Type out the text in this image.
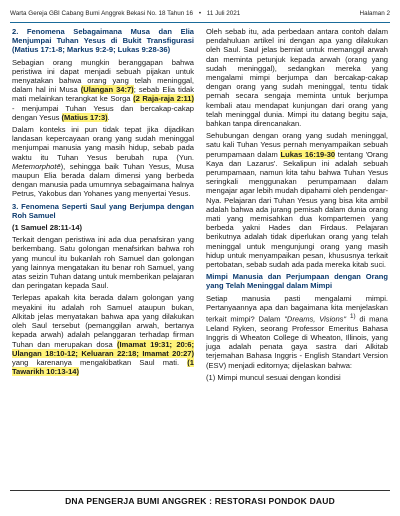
Warta Gereja GBI Cabang Bumi Anggrek Bekasi No. 18 Tahun 16 • 11 Juli 2021	Halaman 2

2. Fenomena Sebagaimana Musa dan Elia Menjumpai Tuhan Yesus di Bukit Transfigurasi (Matius 17:1-8; Markus 9:2-9; Lukas 9:28-36)

Sebagian orang mungkin beranggapan bahwa peristiwa ini dapat menjadi sebuah pijakan untuk menyatakan bahwa orang yang telah meninggal, dalam hal ini Musa (Ulangan 34:7); sebab Elia tidak mati melainkan terangkat ke Sorga (2 Raja-raja 2:11) - menjumpai Tuhan Yesus dan bercakap-cakap dengan Yesus (Matius 17:3).

Dalam konteks ini pun tidak tepat jika dijadikan landasan kepercayaan orang yang sudah meninggal menjumpai manusia yang masih hidup, sebab pada waktu itu Tuhan Yesus berubah rupa (Yun. Metemorphotē), sehingga baik Tuhan Yesus, Musa maupun Elia berada dalam dimensi yang berbeda dengan manusia pada umumnya sebagaimana halnya Petrus, Yakobus dan Yohanes yang menyertai Yesus.

3. Fenomena Seperti Saul yang Berjumpa dengan Roh Samuel

(1 Samuel 28:11-14)

Terkait dengan peristiwa ini ada dua penafsiran yang berkembang. Satu golongan menafsirkan bahwa roh yang muncul itu bukanlah roh Samuel dan golongan yang lainnya mengatakan itu benar roh Samuel, yang atas seizin Tuhan datang untuk memberikan pelajaran dan peringatan kepada Saul.

Terlepas apakah kita berada dalam golongan yang meyakini itu adalah roh Samuel ataupun bukan, Alkitab jelas menyatakan bahwa apa yang dilakukan oleh Saul tersebut (pemanggilan arwah, bertanya kepada arwah) adalah pelanggaran terhadap firman Tuhan dan merupakan dosa (Imamat 19:31; 20:6; Ulangan 18:10-12; Keluaran 22:18; Imamat 20:27) yang karenanya mengakibatkan Saul mati. (1 Tawarikh 10:13-14)

Oleh sebab itu, ada perbedaan antara contoh dalam pendahuluan artikel ini dengan apa yang dilakukan oleh Saul. Saul jelas berniat untuk memanggil arwah dan meminta petunjuk kepada arwah (orang yang sudah meninggal), sedangkan mereka yang mengalami mimpi berjumpa dan bercakap-cakap dengan orang yang sudah meninggal, tentu tidak pernah secara sengaja meminta untuk berjumpa kembali atau mendapat kunjungan dari orang yang telah meninggal dunia. Mimpi itu datang begitu saja, bahkan tanpa direncanakan.

Sehubungan dengan orang yang sudah meninggal, satu kali Tuhan Yesus pernah menyampaikan sebuah perumpamaan dalam Lukas 16:19-30 tentang 'Orang Kaya dan Lazarus'. Sekalipun ini adalah sebuah perumpamaan, namun kita tahu bahwa Tuhan Yesus seringkali menggunakan perumpamaan dalam mengajar agar lebih mudah dipahami oleh pendengar-Nya. Pelajaran dari Tuhan Yesus yang bisa kita ambil adalah bahwa ada jurang pemisah dalam dunia orang mati yang memisahkan dua kompartemen yang berbeda yakni Hades dan Firdaus. Pelajaran berikutnya adalah tidak diperlukan orang yang telah meninggal untuk mengunjungi orang yang masih hidup untuk menyampaikan pesan, khususnya terkait pertobatan, sebab sudah ada pada mereka kitab suci.

Mimpi Manusia dan Perjumpaan dengan Orang yang Telah Meninggal dalam Mimpi

Setiap manusia pasti mengalami mimpi. Pertanyaannya apa dan bagaimana kita menjelaskan terkait mimpi? Dalam "Dreams, Visions" $^{1)}$ di mana Leland Ryken, seorang Professor Emeritus Bahasa Inggris di Wheaton College di Wheaton, Illinois, yang juga adalah penata gaya sastra dari Alkitab terjemahan Bahasa Inggris - English Standart Version (ESV) menjadi editornya; dijelaskan bahwa:

(1) Mimpi muncul sesuai dengan kondisi

DNA PENGERJA BUMI ANGGREK : RESTORASI PONDOK DAUD
